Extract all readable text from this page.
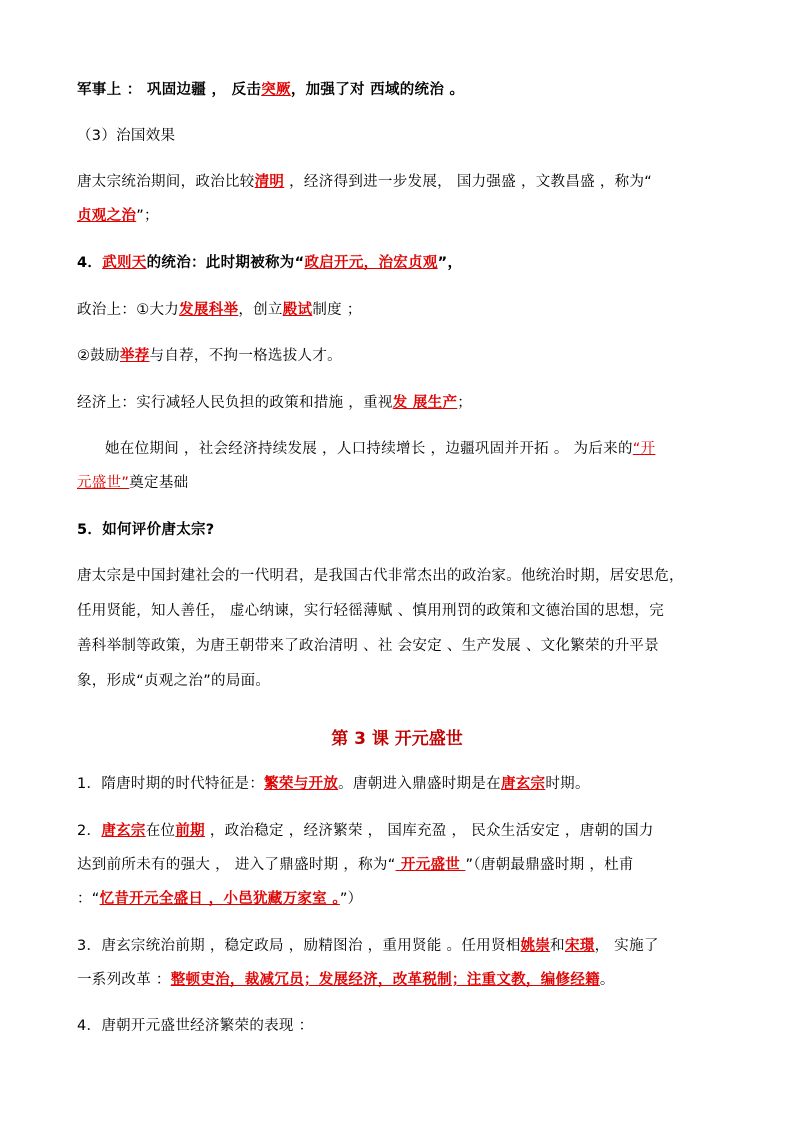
军事上 ： 巩固边疆 ， 反击突厥，加强了对 西域的统治 。
（3）治国效果
唐太宗统治期间，政治比较清明 ，经济得到进一步发展， 国力强盛 ，文教昌盛 ，称为“
贞观之治”；
4．武则天的统治：此时期被称为“政启开元，治宏贞观”，
政治上：①大力发展科举，创立殿试制度 ；
②鼓励举荐与自荐，不拘一格选拔人才。
经济上：实行减轻人民负担的政策和措施 ，重视发 展生产；
她在位期间 ，社会经济持续发展 ，人口持续增长 ，边疆巩固并开拓 。 为后来的“开
元盛世”奠定基础
5．如何评价唐太宗?
唐太宗是中国封建社会的一代明君，是我国古代非常杰出的政治家。他统治时期，居安思危，
任用贤能，知人善任， 虚心纳谏，实行轻徭薄赋 、慎用刑罚的政策和文德治国的思想，完
善科举制等政策，为唐王朝带来了政治清明 、社 会安定 、生产发展 、文化繁荣的升平景
象，形成“贞观之治”的局面。
第 3 课 开元盛世
1．隋唐时期的时代特征是：繁荣与开放。唐朝进入鼎盛时期是在唐玄宗时期。
2．唐玄宗在位前期 ，政治稳定 ，经济繁荣 ， 国库充盈 ， 民众生活安定 ，唐朝的国力
达到前所未有的强大 ， 进入了鼎盛时期 ，称为“ 开元盛世 ”（唐朝最鼎盛时期 ，杜甫
：“忆昔开元全盛日 ，小邑犹藏万家室 。”）
3．唐玄宗统治前期 ，稳定政局 ，励精图治 ，重用贤能 。任用贤相姚崇和宋璟， 实施了
一系列改革 ：整顿吏治，裁减冗员；发展经济，改革税制；注重文教，编修经籍。
4．唐朝开元盛世经济繁荣的表现 ：
